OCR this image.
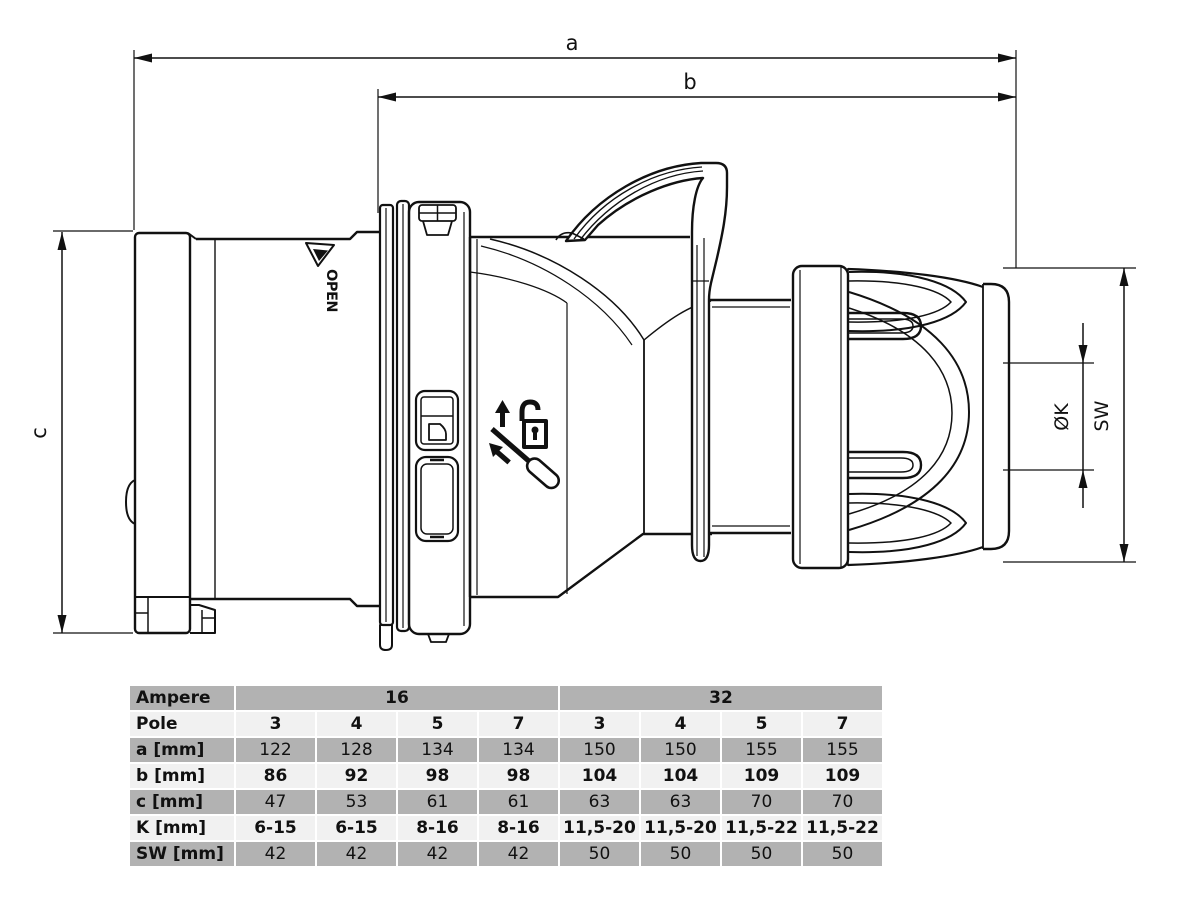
a
b
c
ØK SW
OPEN
Ampere	16				32			
Pole	3	4	5	7	3	4	5	7
a [mm]	122	128	134	134	150	150	155	155
b [mm]	86	92	98	98	104	104	109	109
c [mm]	47	53	61	61	63	63	70	70
K [mm]	6-15	6-15	8-16	8-16	11,5-20	11,5-20	11,5-22	11,5-22
SW [mm]	42	42	42	42	50	50	50	50
